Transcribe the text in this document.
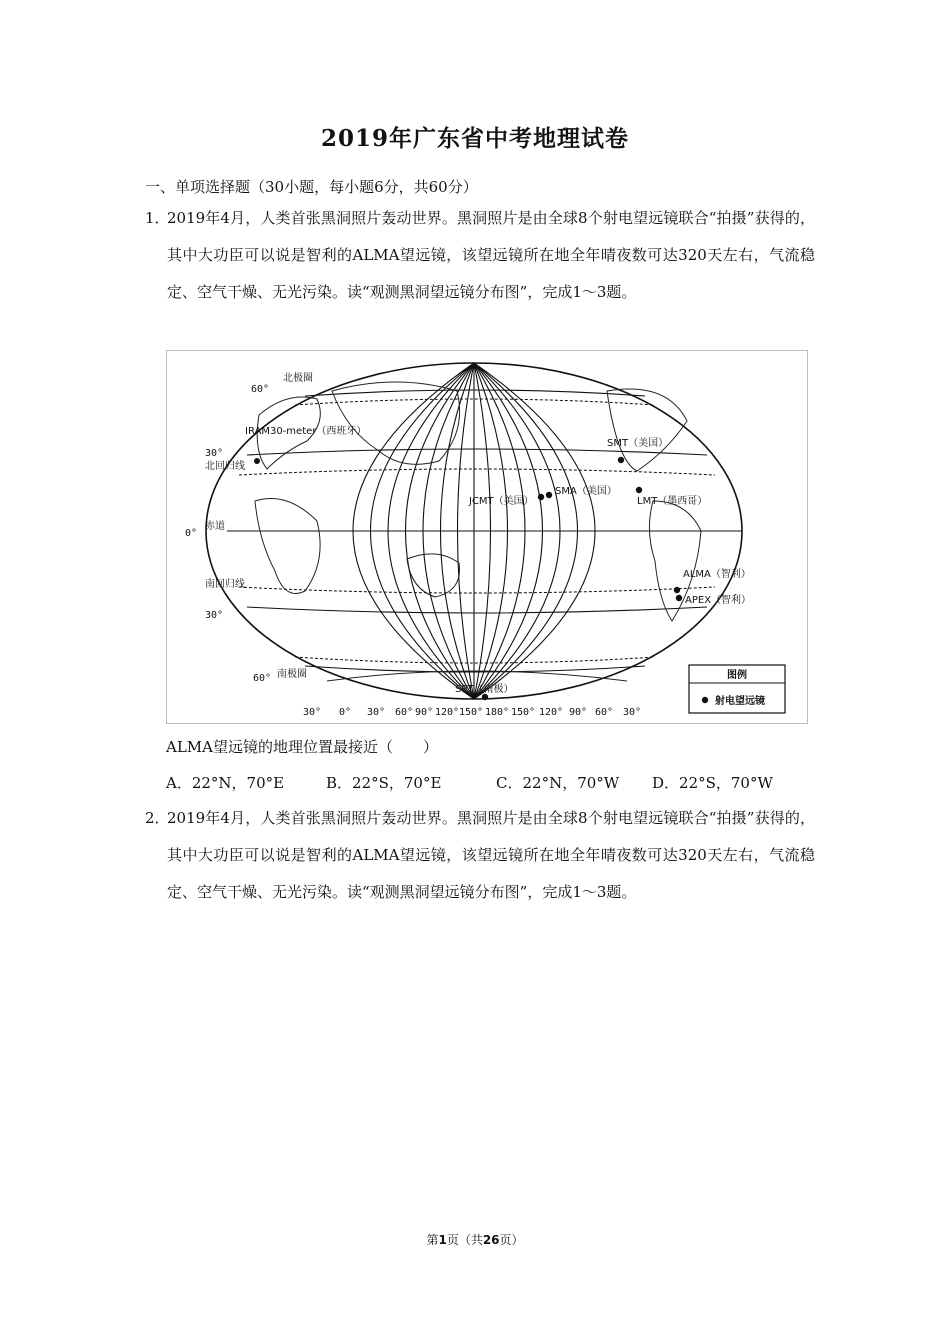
2019年广东省中考地理试卷
一、单项选择题（30小题，每小题6分，共60分）
1．
2019年4月，人类首张黑洞照片轰动世界。黑洞照片是由全球8个射电望远镜联合“拍摄”获得的，其中大功臣可以说是智利的ALMA望远镜，该望远镜所在地全年晴夜数可达320天左右，气流稳定、空气干燥、无光污染。读“观测黑洞望远镜分布图”，完成1～3题。
60°
30°
0°
30°
60°
北极圈
北回归线
赤道
南回归线
南极圈
30° 0° 30° 60° 90° 120° 150° 180° 150° 120° 90° 60° 30°
IRAM30-meter（西班牙）
SMT（美国）
JCMT（美国）
SMA（美国）
LMT（墨西哥）
ALMA（智利）
APEX（智利）
SPT（南极）
图例
射电望远镜
ALMA望远镜的地理位置最接近（　　）
A．22°N，70°E	B．22°S，70°E	C．22°N，70°W D．22°S，70°W
2．
2019年4月，人类首张黑洞照片轰动世界。黑洞照片是由全球8个射电望远镜联合“拍摄”获得的，其中大功臣可以说是智利的ALMA望远镜，该望远镜所在地全年晴夜数可达320天左右，气流稳定、空气干燥、无光污染。读“观测黑洞望远镜分布图”，完成1～3题。
第1页（共26页）
